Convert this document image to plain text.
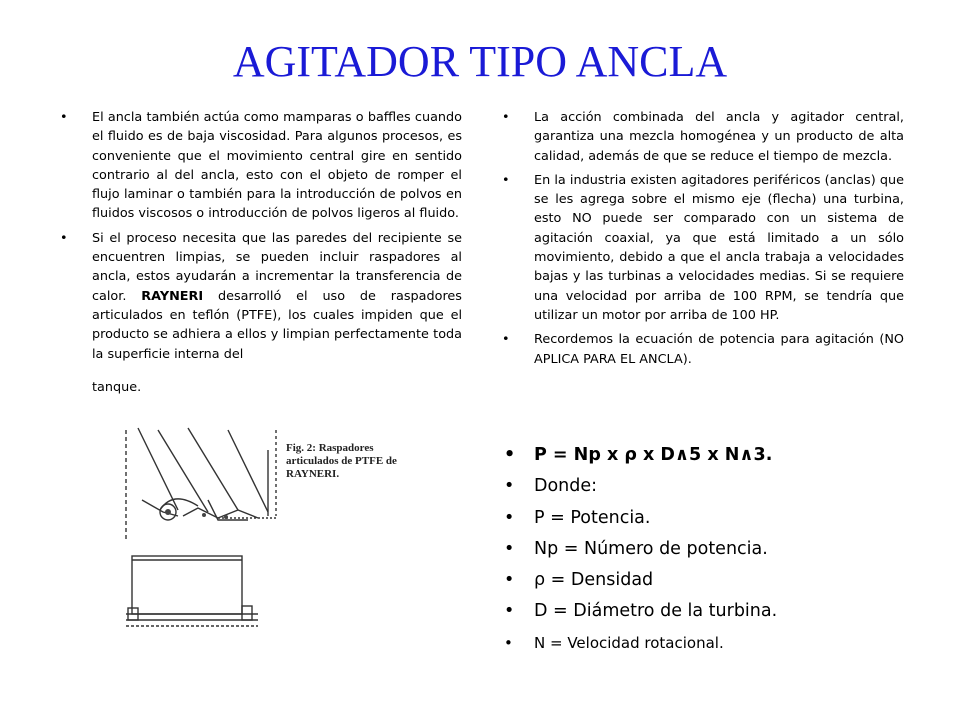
AGITADOR TIPO ANCLA
• El ancla también actúa como mamparas o baffles cuando el fluido es de baja viscosidad. Para algunos procesos, es conveniente que el movimiento central gire en sentido contrario al del ancla, esto con el objeto de romper el flujo laminar o también para la introducción de polvos en fluidos viscosos o introducción de polvos ligeros al fluido.
• Si el proceso necesita que las paredes del recipiente se encuentren limpias, se pueden incluir raspadores al ancla, estos ayudarán a incrementar la transferencia de calor. RAYNERI desarrolló el uso de raspadores articulados en teflón (PTFE), los cuales impiden que el producto se adhiera a ellos y limpian perfectamente toda la superficie interna del
tanque.
Fig. 2: Raspadores articulados de PTFE de RAYNERI.
• La acción combinada del ancla y agitador central, garantiza una mezcla homogénea y un producto de alta calidad, además de que se reduce el tiempo de mezcla.
• En la industria existen agitadores periféricos (anclas) que se les agrega sobre el mismo eje (flecha) una turbina, esto NO puede ser comparado con un sistema de agitación coaxial, ya que está limitado a un sólo movimiento, debido a que el ancla trabaja a velocidades bajas y las turbinas a velocidades medias. Si se requiere una velocidad por arriba de 100 RPM, se tendría que utilizar un motor por arriba de 100 HP.
• Recordemos la ecuación de potencia para agitación (NO APLICA PARA EL ANCLA).
• P = Np x ρ x D∧5 x N∧3.
• Donde:
• P = Potencia.
• Np = Número de potencia.
• ρ = Densidad
• D = Diámetro de la turbina.
• N = Velocidad rotacional.
